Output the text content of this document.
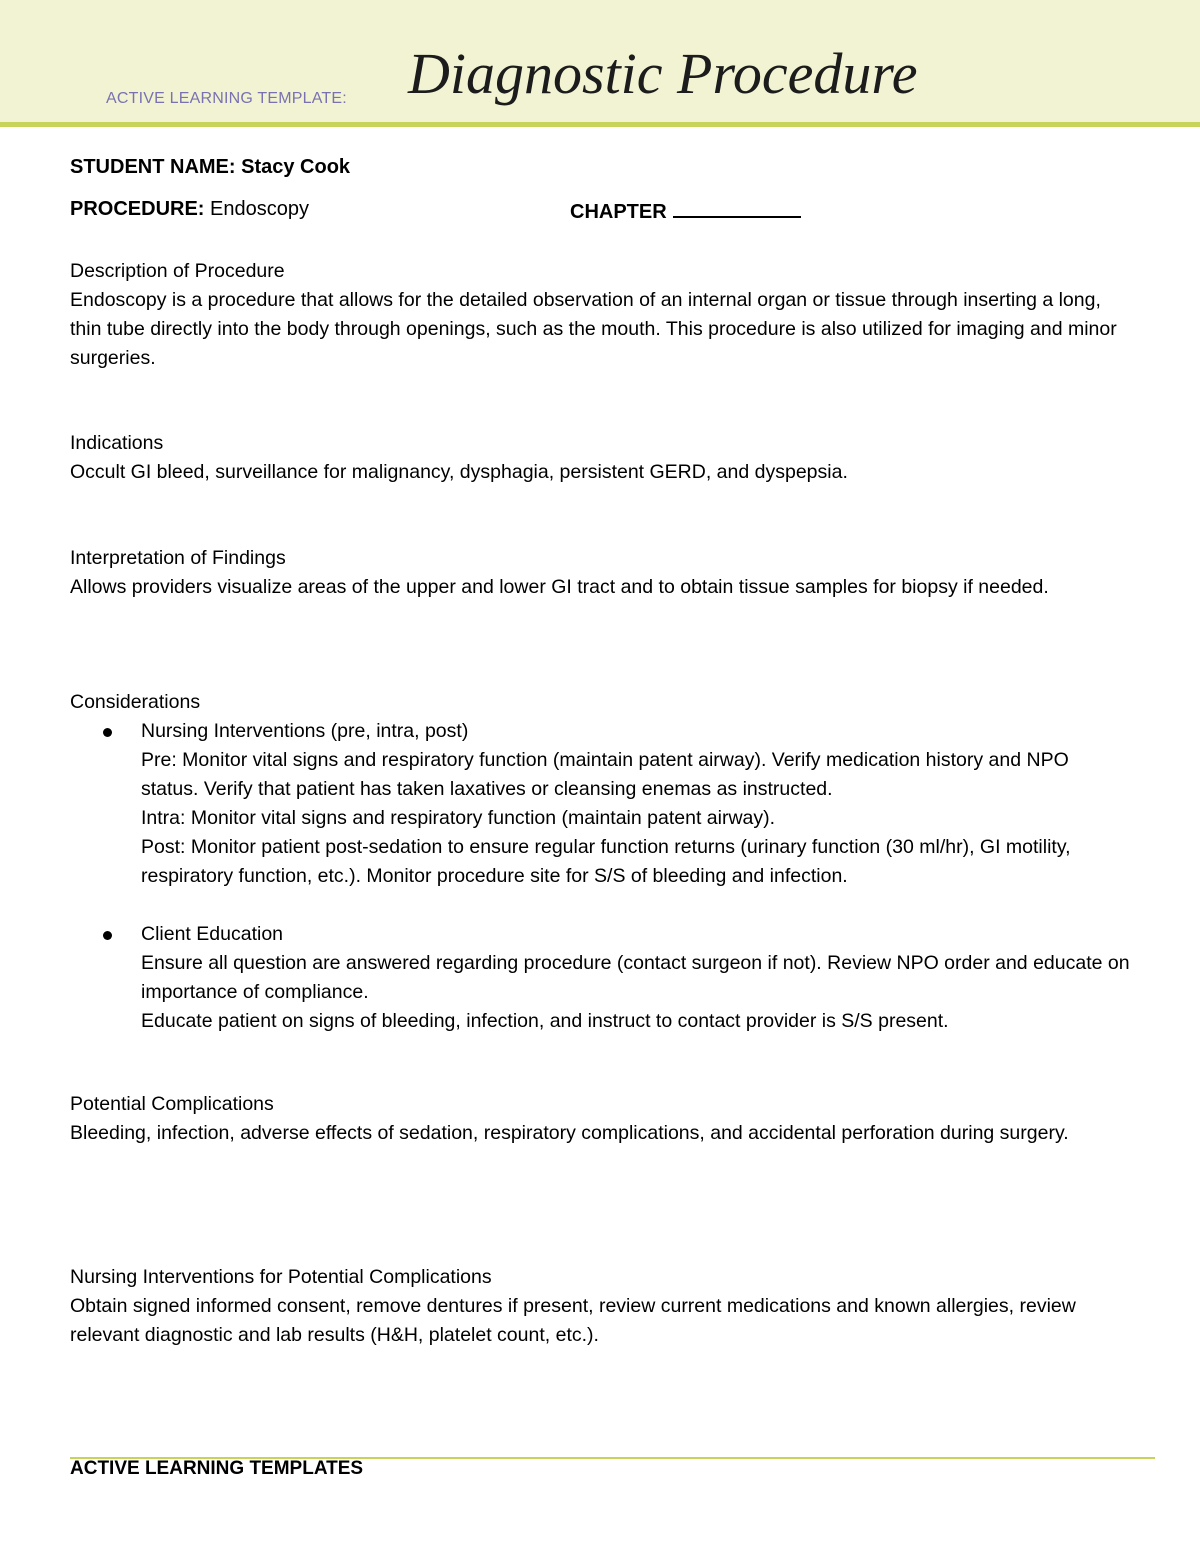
ACTIVE LEARNING TEMPLATE: Diagnostic Procedure
STUDENT NAME: Stacy Cook
PROCEDURE: Endoscopy	CHAPTER

Description of Procedure

Endoscopy is a procedure that allows for the detailed observation of an internal organ or tissue through inserting a long, thin tube directly into the body through openings, such as the mouth. This procedure is also utilized for imaging and minor surgeries.

Indications

Occult GI bleed, surveillance for malignancy, dysphagia, persistent GERD, and dyspepsia.

Interpretation of Findings

Allows providers visualize areas of the upper and lower GI tract and to obtain tissue samples for biopsy if needed.

Considerations

Nursing Interventions (pre, intra, post)

Pre: Monitor vital signs and respiratory function (maintain patent airway). Verify medication history and NPO status. Verify that patient has taken laxatives or cleansing enemas as instructed.

Intra: Monitor vital signs and respiratory function (maintain patent airway).

Post: Monitor patient post-sedation to ensure regular function returns (urinary function (30 ml/hr), GI motility, respiratory function, etc.). Monitor procedure site for S/S of bleeding and infection.

Client Education

Ensure all question are answered regarding procedure (contact surgeon if not). Review NPO order and educate on importance of compliance.

Educate patient on signs of bleeding, infection, and instruct to contact provider is S/S present.

Potential Complications

Bleeding, infection, adverse effects of sedation, respiratory complications, and accidental perforation during surgery.

Nursing Interventions for Potential Complications

Obtain signed informed consent, remove dentures if present, review current medications and known allergies, review relevant diagnostic and lab results (H&H, platelet count, etc.).

ACTIVE LEARNING TEMPLATES
